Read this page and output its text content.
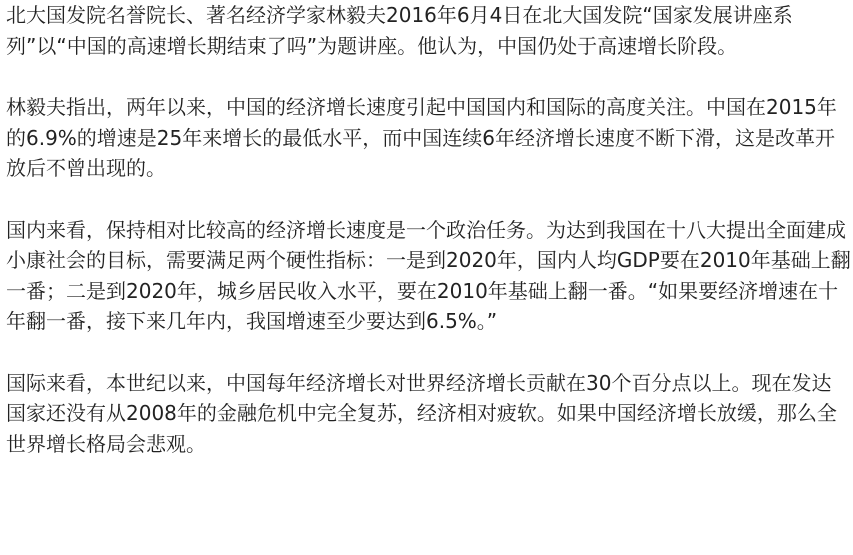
北大国发院名誉院长、著名经济学家林毅夫2016年6月4日在北大国发院“国家发展讲座系列”以“中国的高速增长期结束了吗”为题讲座。他认为，中国仍处于高速增长阶段。

林毅夫指出，两年以来，中国的经济增长速度引起中国国内和国际的高度关注。中国在2015年的6.9%的增速是25年来增长的最低水平，而中国连续6年经济增长速度不断下滑，这是改革开放后不曾出现的。

国内来看，保持相对比较高的经济增长速度是一个政治任务。为达到我国在十八大提出全面建成小康社会的目标，需要满足两个硬性指标：一是到2020年，国内人均GDP要在2010年基础上翻一番；二是到2020年，城乡居民收入水平，要在2010年基础上翻一番。“如果要经济增速在十年翻一番，接下来几年内，我国增速至少要达到6.5%。”

国际来看，本世纪以来，中国每年经济增长对世界经济增长贡献在30个百分点以上。现在发达国家还没有从2008年的金融危机中完全复苏，经济相对疲软。如果中国经济增长放缓，那么全世界增长格局会悲观。
